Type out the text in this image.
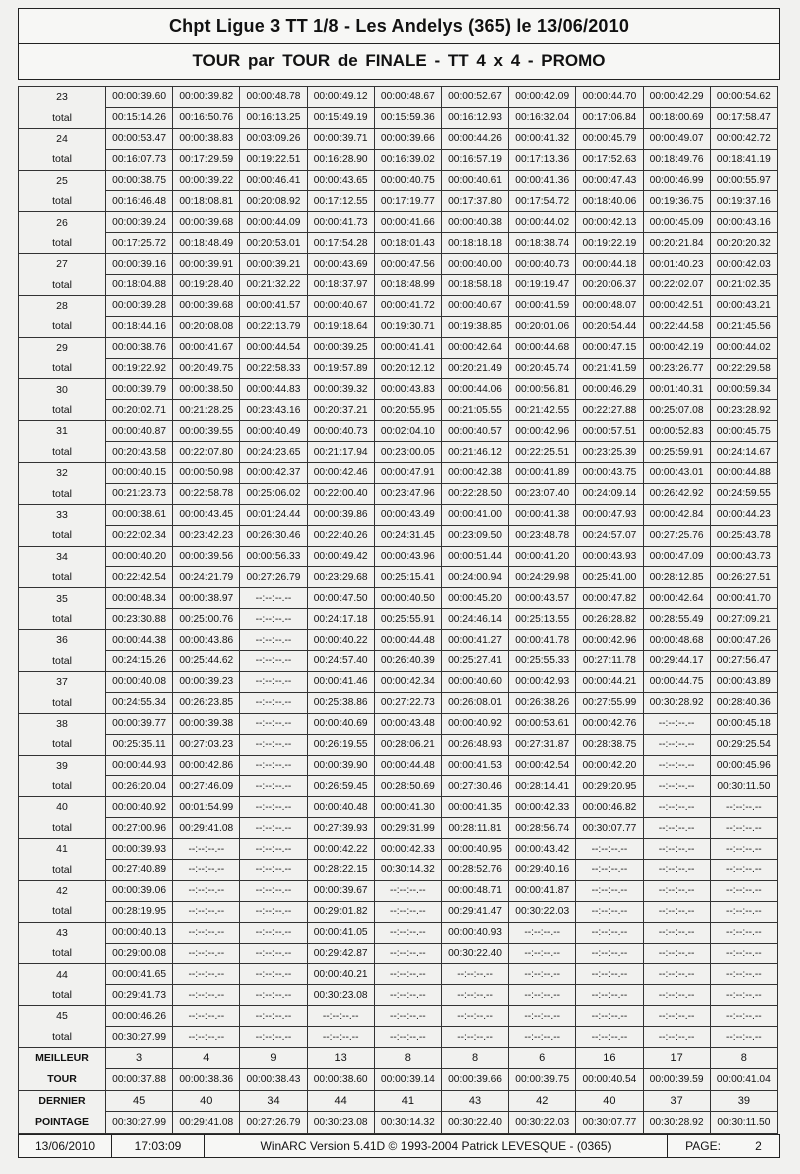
Chpt Ligue 3 TT 1/8 - Les Andelys (365) le 13/06/2010
TOUR par TOUR de FINALE - TT 4 x 4 - PROMO
23	00:00:39.60	00:00:39.82	00:00:48.78	00:00:49.12	00:00:48.67	00:00:52.67	00:00:42.09	00:00:44.70	00:00:42.29	00:00:54.62
total	00:15:14.26	00:16:50.76	00:16:13.25	00:15:49.19	00:15:59.36	00:16:12.93	00:16:32.04	00:17:06.84	00:18:00.69	00:17:58.47
24	00:00:53.47	00:00:38.83	00:03:09.26	00:00:39.71	00:00:39.66	00:00:44.26	00:00:41.32	00:00:45.79	00:00:49.07	00:00:42.72
total	00:16:07.73	00:17:29.59	00:19:22.51	00:16:28.90	00:16:39.02	00:16:57.19	00:17:13.36	00:17:52.63	00:18:49.76	00:18:41.19
25	00:00:38.75	00:00:39.22	00:00:46.41	00:00:43.65	00:00:40.75	00:00:40.61	00:00:41.36	00:00:47.43	00:00:46.99	00:00:55.97
total	00:16:46.48	00:18:08.81	00:20:08.92	00:17:12.55	00:17:19.77	00:17:37.80	00:17:54.72	00:18:40.06	00:19:36.75	00:19:37.16
26	00:00:39.24	00:00:39.68	00:00:44.09	00:00:41.73	00:00:41.66	00:00:40.38	00:00:44.02	00:00:42.13	00:00:45.09	00:00:43.16
total	00:17:25.72	00:18:48.49	00:20:53.01	00:17:54.28	00:18:01.43	00:18:18.18	00:18:38.74	00:19:22.19	00:20:21.84	00:20:20.32
27	00:00:39.16	00:00:39.91	00:00:39.21	00:00:43.69	00:00:47.56	00:00:40.00	00:00:40.73	00:00:44.18	00:01:40.23	00:00:42.03
total	00:18:04.88	00:19:28.40	00:21:32.22	00:18:37.97	00:18:48.99	00:18:58.18	00:19:19.47	00:20:06.37	00:22:02.07	00:21:02.35
28	00:00:39.28	00:00:39.68	00:00:41.57	00:00:40.67	00:00:41.72	00:00:40.67	00:00:41.59	00:00:48.07	00:00:42.51	00:00:43.21
total	00:18:44.16	00:20:08.08	00:22:13.79	00:19:18.64	00:19:30.71	00:19:38.85	00:20:01.06	00:20:54.44	00:22:44.58	00:21:45.56
29	00:00:38.76	00:00:41.67	00:00:44.54	00:00:39.25	00:00:41.41	00:00:42.64	00:00:44.68	00:00:47.15	00:00:42.19	00:00:44.02
total	00:19:22.92	00:20:49.75	00:22:58.33	00:19:57.89	00:20:12.12	00:20:21.49	00:20:45.74	00:21:41.59	00:23:26.77	00:22:29.58
30	00:00:39.79	00:00:38.50	00:00:44.83	00:00:39.32	00:00:43.83	00:00:44.06	00:00:56.81	00:00:46.29	00:01:40.31	00:00:59.34
total	00:20:02.71	00:21:28.25	00:23:43.16	00:20:37.21	00:20:55.95	00:21:05.55	00:21:42.55	00:22:27.88	00:25:07.08	00:23:28.92
31	00:00:40.87	00:00:39.55	00:00:40.49	00:00:40.73	00:02:04.10	00:00:40.57	00:00:42.96	00:00:57.51	00:00:52.83	00:00:45.75
total	00:20:43.58	00:22:07.80	00:24:23.65	00:21:17.94	00:23:00.05	00:21:46.12	00:22:25.51	00:23:25.39	00:25:59.91	00:24:14.67
32	00:00:40.15	00:00:50.98	00:00:42.37	00:00:42.46	00:00:47.91	00:00:42.38	00:00:41.89	00:00:43.75	00:00:43.01	00:00:44.88
total	00:21:23.73	00:22:58.78	00:25:06.02	00:22:00.40	00:23:47.96	00:22:28.50	00:23:07.40	00:24:09.14	00:26:42.92	00:24:59.55
33	00:00:38.61	00:00:43.45	00:01:24.44	00:00:39.86	00:00:43.49	00:00:41.00	00:00:41.38	00:00:47.93	00:00:42.84	00:00:44.23
total	00:22:02.34	00:23:42.23	00:26:30.46	00:22:40.26	00:24:31.45	00:23:09.50	00:23:48.78	00:24:57.07	00:27:25.76	00:25:43.78
34	00:00:40.20	00:00:39.56	00:00:56.33	00:00:49.42	00:00:43.96	00:00:51.44	00:00:41.20	00:00:43.93	00:00:47.09	00:00:43.73
total	00:22:42.54	00:24:21.79	00:27:26.79	00:23:29.68	00:25:15.41	00:24:00.94	00:24:29.98	00:25:41.00	00:28:12.85	00:26:27.51
35	00:00:48.34	00:00:38.97	--:--:--.--	00:00:47.50	00:00:40.50	00:00:45.20	00:00:43.57	00:00:47.82	00:00:42.64	00:00:41.70
total	00:23:30.88	00:25:00.76	--:--:--.--	00:24:17.18	00:25:55.91	00:24:46.14	00:25:13.55	00:26:28.82	00:28:55.49	00:27:09.21
36	00:00:44.38	00:00:43.86	--:--:--.--	00:00:40.22	00:00:44.48	00:00:41.27	00:00:41.78	00:00:42.96	00:00:48.68	00:00:47.26
total	00:24:15.26	00:25:44.62	--:--:--.--	00:24:57.40	00:26:40.39	00:25:27.41	00:25:55.33	00:27:11.78	00:29:44.17	00:27:56.47
37	00:00:40.08	00:00:39.23	--:--:--.--	00:00:41.46	00:00:42.34	00:00:40.60	00:00:42.93	00:00:44.21	00:00:44.75	00:00:43.89
total	00:24:55.34	00:26:23.85	--:--:--.--	00:25:38.86	00:27:22.73	00:26:08.01	00:26:38.26	00:27:55.99	00:30:28.92	00:28:40.36
38	00:00:39.77	00:00:39.38	--:--:--.--	00:00:40.69	00:00:43.48	00:00:40.92	00:00:53.61	00:00:42.76	--:--:--.--	00:00:45.18
total	00:25:35.11	00:27:03.23	--:--:--.--	00:26:19.55	00:28:06.21	00:26:48.93	00:27:31.87	00:28:38.75	--:--:--.--	00:29:25.54
39	00:00:44.93	00:00:42.86	--:--:--.--	00:00:39.90	00:00:44.48	00:00:41.53	00:00:42.54	00:00:42.20	--:--:--.--	00:00:45.96
total	00:26:20.04	00:27:46.09	--:--:--.--	00:26:59.45	00:28:50.69	00:27:30.46	00:28:14.41	00:29:20.95	--:--:--.--	00:30:11.50
40	00:00:40.92	00:01:54.99	--:--:--.--	00:00:40.48	00:00:41.30	00:00:41.35	00:00:42.33	00:00:46.82	--:--:--.--	--:--:--.--
total	00:27:00.96	00:29:41.08	--:--:--.--	00:27:39.93	00:29:31.99	00:28:11.81	00:28:56.74	00:30:07.77	--:--:--.--	--:--:--.--
41	00:00:39.93	--:--:--.--	--:--:--.--	00:00:42.22	00:00:42.33	00:00:40.95	00:00:43.42	--:--:--.--	--:--:--.--	--:--:--.--
total	00:27:40.89	--:--:--.--	--:--:--.--	00:28:22.15	00:30:14.32	00:28:52.76	00:29:40.16	--:--:--.--	--:--:--.--	--:--:--.--
42	00:00:39.06	--:--:--.--	--:--:--.--	00:00:39.67	--:--:--.--	00:00:48.71	00:00:41.87	--:--:--.--	--:--:--.--	--:--:--.--
total	00:28:19.95	--:--:--.--	--:--:--.--	00:29:01.82	--:--:--.--	00:29:41.47	00:30:22.03	--:--:--.--	--:--:--.--	--:--:--.--
43	00:00:40.13	--:--:--.--	--:--:--.--	00:00:41.05	--:--:--.--	00:00:40.93	--:--:--.--	--:--:--.--	--:--:--.--	--:--:--.--
total	00:29:00.08	--:--:--.--	--:--:--.--	00:29:42.87	--:--:--.--	00:30:22.40	--:--:--.--	--:--:--.--	--:--:--.--	--:--:--.--
44	00:00:41.65	--:--:--.--	--:--:--.--	00:00:40.21	--:--:--.--	--:--:--.--	--:--:--.--	--:--:--.--	--:--:--.--	--:--:--.--
total	00:29:41.73	--:--:--.--	--:--:--.--	00:30:23.08	--:--:--.--	--:--:--.--	--:--:--.--	--:--:--.--	--:--:--.--	--:--:--.--
45	00:00:46.26	--:--:--.--	--:--:--.--	--:--:--.--	--:--:--.--	--:--:--.--	--:--:--.--	--:--:--.--	--:--:--.--	--:--:--.--
total	00:30:27.99	--:--:--.--	--:--:--.--	--:--:--.--	--:--:--.--	--:--:--.--	--:--:--.--	--:--:--.--	--:--:--.--	--:--:--.--
MEILLEUR	3	4	9	13	8	8	6	16	17	8
TOUR	00:00:37.88	00:00:38.36	00:00:38.43	00:00:38.60	00:00:39.14	00:00:39.66	00:00:39.75	00:00:40.54	00:00:39.59	00:00:41.04
DERNIER	45	40	34	44	41	43	42	40	37	39
POINTAGE	00:30:27.99	00:29:41.08	00:27:26.79	00:30:23.08	00:30:14.32	00:30:22.40	00:30:22.03	00:30:07.77	00:30:28.92	00:30:11.50
13/06/2010	17:03:09	WinARC Version 5.41D © 1993-2004 Patrick LEVESQUE - (0365)	PAGE:	2
